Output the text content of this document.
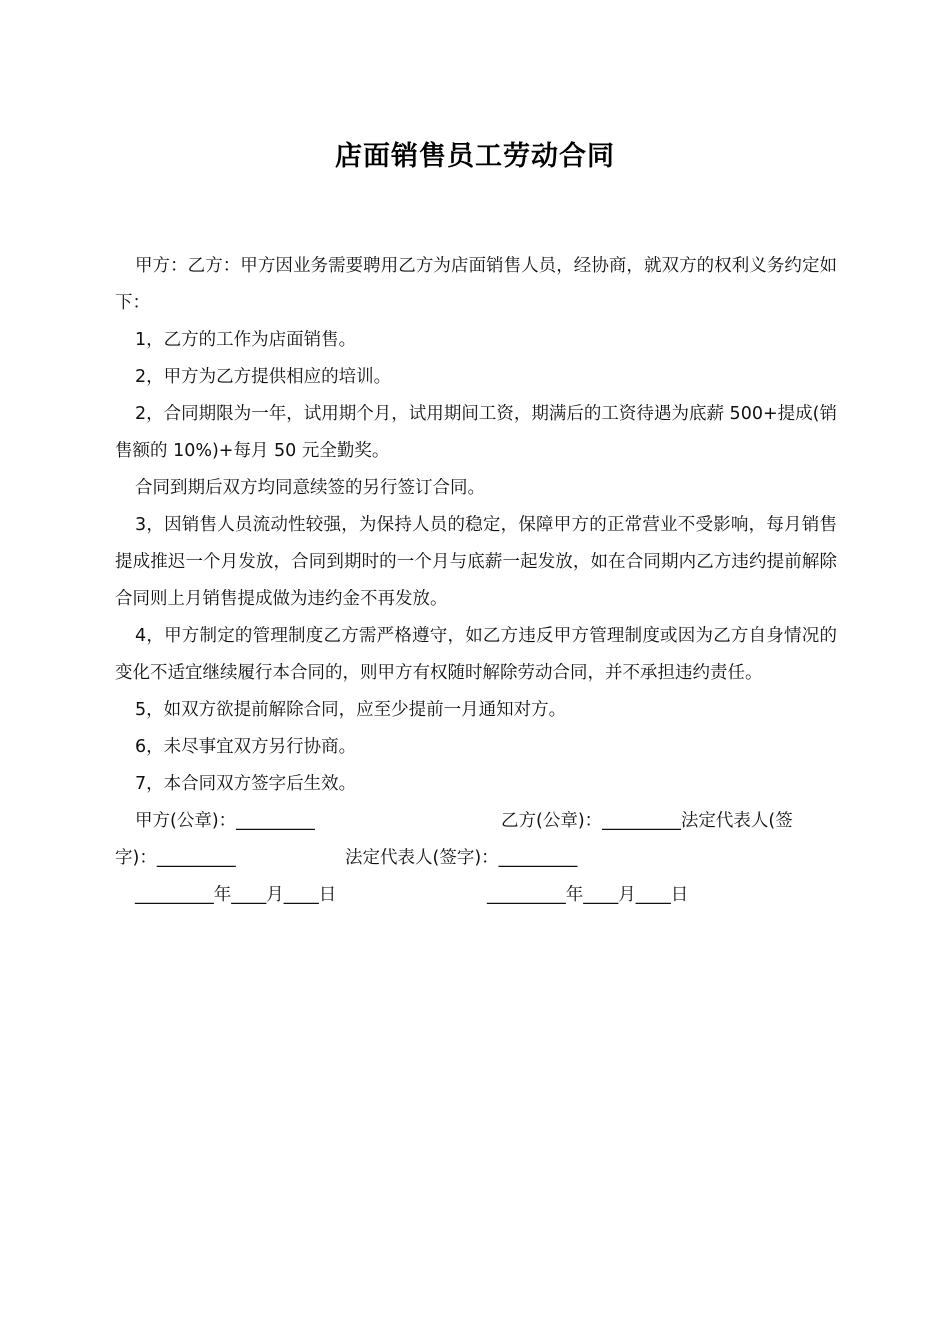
店面销售员工劳动合同

甲方：乙方：甲方因业务需要聘用乙方为店面销售人员，经协商，就双方的权利义务约定如下：

1，乙方的工作为店面销售。

2，甲方为乙方提供相应的培训。

2，合同期限为一年，试用期个月，试用期间工资，期满后的工资待遇为底薪 500+提成(销售额的 10%)+每月 50 元全勤奖。

合同到期后双方均同意续签的另行签订合同。

3，因销售人员流动性较强，为保持人员的稳定，保障甲方的正常营业不受影响，每月销售提成推迟一个月发放，合同到期时的一个月与底薪一起发放，如在合同期内乙方违约提前解除合同则上月销售提成做为违约金不再发放。

4，甲方制定的管理制度乙方需严格遵守，如乙方违反甲方管理制度或因为乙方自身情况的变化不适宜继续履行本合同的，则甲方有权随时解除劳动合同，并不承担违约责任。

5，如双方欲提前解除合同，应至少提前一月通知对方。

6，未尽事宜双方另行协商。

7，本合同双方签字后生效。

甲方(公章)：_________	乙方(公章)：_________法定代表人(签
字)：_________	法定代表人(签字)：_________
_________年____月____日	_________年____月____日
